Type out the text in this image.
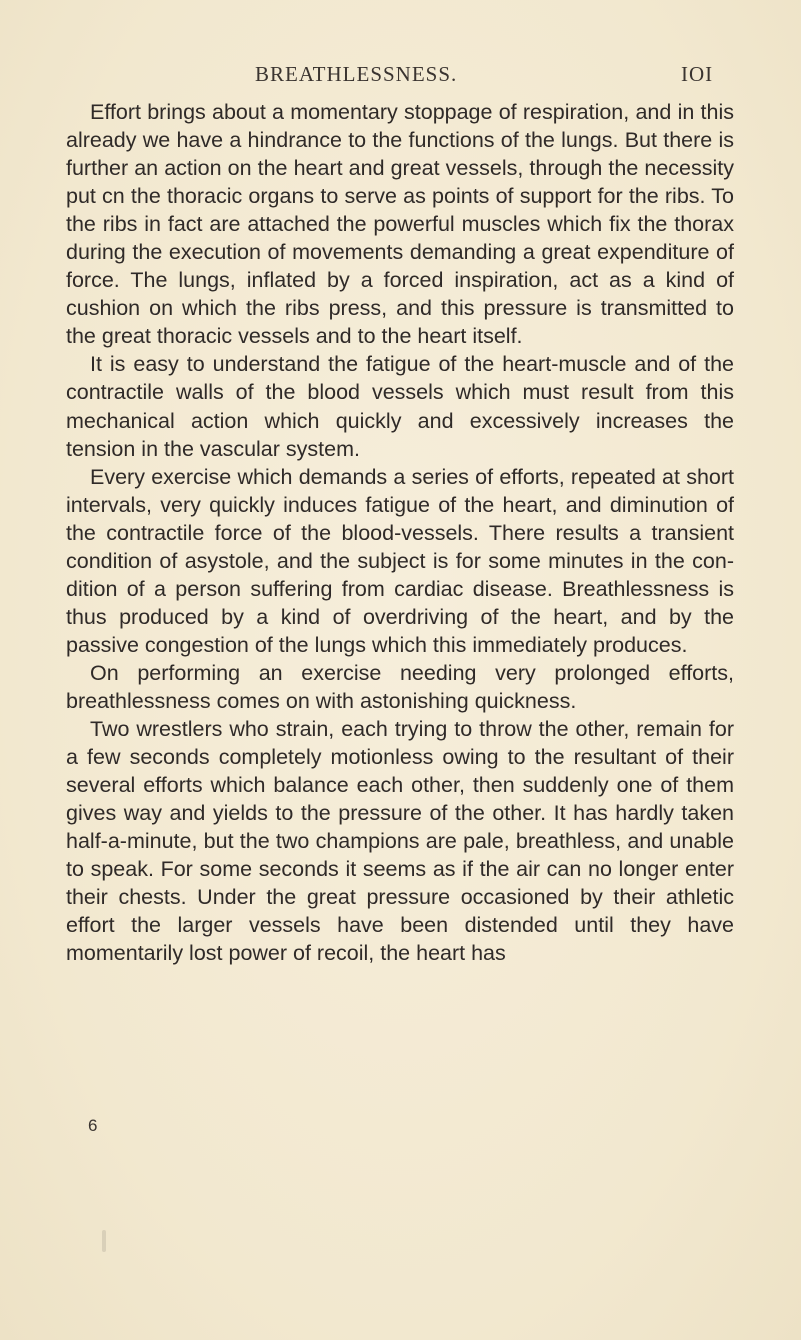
BREATHLESSNESS.	IOI

Effort brings about a momentary stoppage of respiration, and in this already we have a hindrance to the functions of the lungs. But there is further an action on the heart and great vessels, through the necessity put cn the thoracic organs to serve as points of support for the ribs. To the ribs in fact are attached the powerful muscles which fix the thorax during the execution of movements demanding a great expenditure of force. The lungs, inflated by a forced inspiration, act as a kind of cushion on which the ribs press, and this pressure is transmitted to the great thoracic vessels and to the heart itself.

It is easy to understand the fatigue of the heart-muscle and of the contractile walls of the blood vessels which must result from this mechanical action which quickly and excessively increases the tension in the vascular system.

Every exercise which demands a series of efforts, repeated at short intervals, very quickly induces fatigue of the heart, and diminution of the contractile force of the blood-vessels. There results a transient condition of asystole, and the subject is for some minutes in the condition of a person suffering from cardiac disease. Breathlessness is thus produced by a kind of overdriving of the heart, and by the passive congestion of the lungs which this immediately produces.

On performing an exercise needing very prolonged efforts, breathlessness comes on with astonishing quickness.

Two wrestlers who strain, each trying to throw the other, remain for a few seconds completely motionless owing to the resultant of their several efforts which balance each other, then suddenly one of them gives way and yields to the pressure of the other. It has hardly taken half-a-minute, but the two champions are pale, breathless, and unable to speak. For some seconds it seems as if the air can no longer enter their chests. Under the great pressure occasioned by their athletic effort the larger vessels have been distended until they have momentarily lost power of recoil, the heart has

6
